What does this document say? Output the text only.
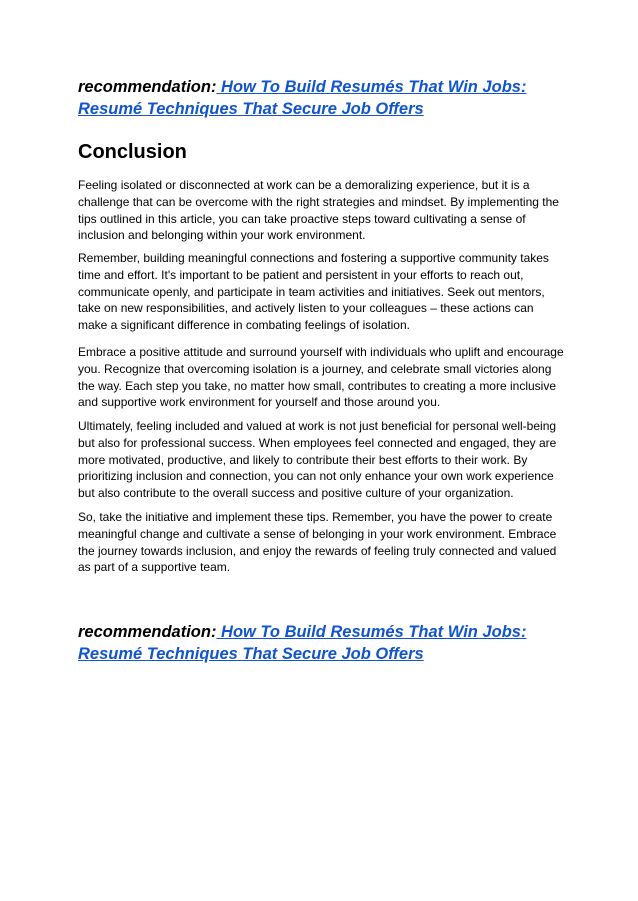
recommendation: How To Build Resumés That Win Jobs:
Resumé Techniques That Secure Job Offers

Conclusion

Feeling isolated or disconnected at work can be a demoralizing experience, but it is a challenge that can be overcome with the right strategies and mindset. By implementing the tips outlined in this article, you can take proactive steps toward cultivating a sense of inclusion and belonging within your work environment.

Remember, building meaningful connections and fostering a supportive community takes time and effort. It's important to be patient and persistent in your efforts to reach out, communicate openly, and participate in team activities and initiatives. Seek out mentors, take on new responsibilities, and actively listen to your colleagues – these actions can make a significant difference in combating feelings of isolation.

Embrace a positive attitude and surround yourself with individuals who uplift and encourage you. Recognize that overcoming isolation is a journey, and celebrate small victories along the way. Each step you take, no matter how small, contributes to creating a more inclusive and supportive work environment for yourself and those around you.

Ultimately, feeling included and valued at work is not just beneficial for personal well-being but also for professional success. When employees feel connected and engaged, they are more motivated, productive, and likely to contribute their best efforts to their work. By prioritizing inclusion and connection, you can not only enhance your own work experience but also contribute to the overall success and positive culture of your organization.

So, take the initiative and implement these tips. Remember, you have the power to create meaningful change and cultivate a sense of belonging in your work environment. Embrace the journey towards inclusion, and enjoy the rewards of feeling truly connected and valued as part of a supportive team.

recommendation: How To Build Resumés That Win Jobs:
Resumé Techniques That Secure Job Offers
